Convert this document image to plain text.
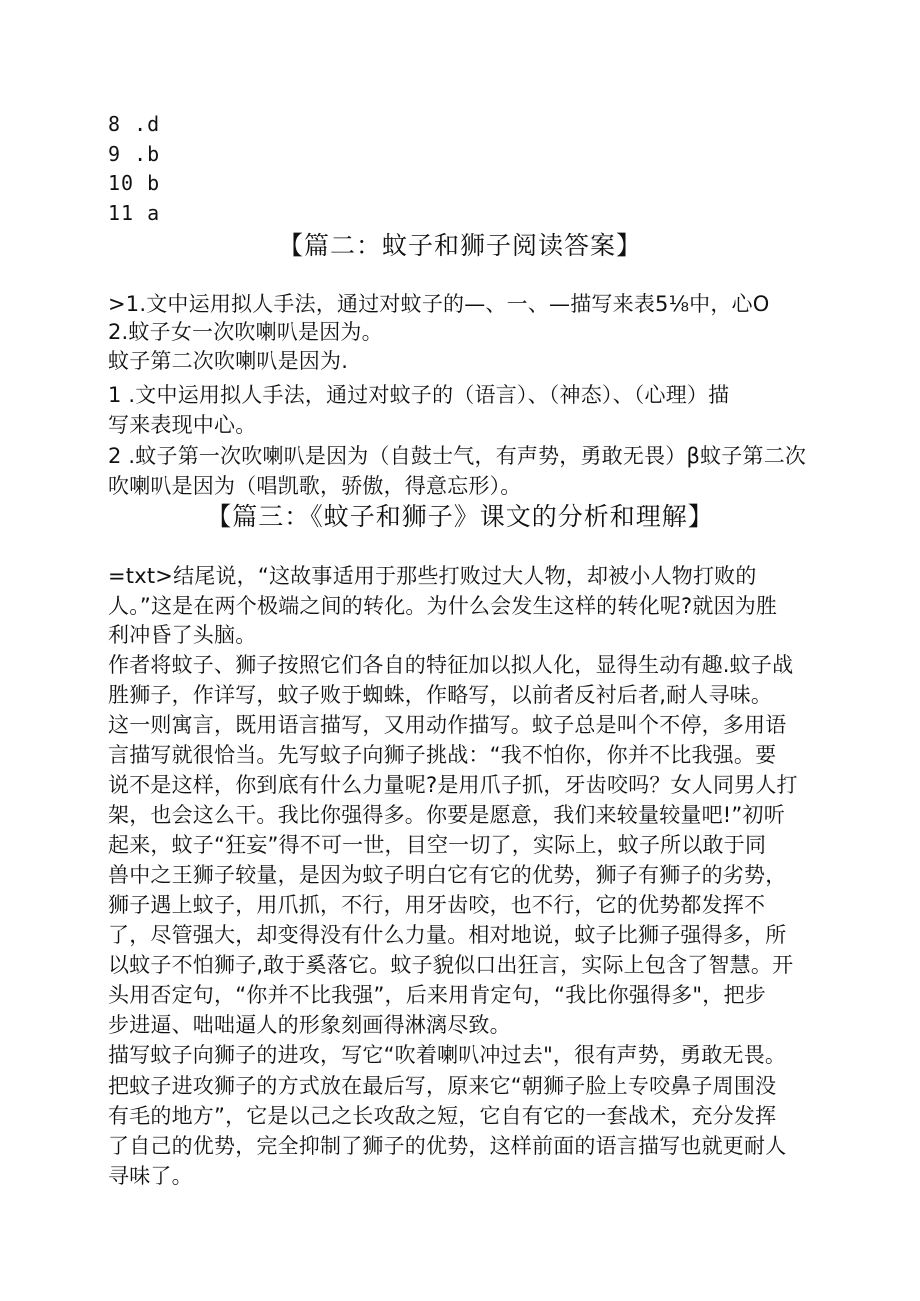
8 .d
9 .b
10 b
11 a
【篇二：蚊子和狮子阅读答案】
>1.文中运用拟人手法，通过对蚊子的—、一、—描写来表5⅛中，心O
2.蚊子女一次吹喇叭是因为。
蚊子第二次吹喇叭是因为.
1 .文中运用拟人手法，通过对蚊子的（语言）、（神态）、（心理）描
写来表现中心。
2 .蚊子第一次吹喇叭是因为（自鼓士气，有声势，勇敢无畏）β蚊子第二次
吹喇叭是因为（唱凯歌，骄傲，得意忘形）。
【篇三：《蚊子和狮子》课文的分析和理解】
=txt>结尾说，“这故事适用于那些打败过大人物，却被小人物打败的
人。”这是在两个极端之间的转化。为什么会发生这样的转化呢?就因为胜
利冲昏了头脑。
作者将蚊子、狮子按照它们各自的特征加以拟人化，显得生动有趣.蚊子战
胜狮子，作详写，蚊子败于蜘蛛，作略写，以前者反衬后者,耐人寻味。
这一则寓言，既用语言描写，又用动作描写。蚊子总是叫个不停，多用语
言描写就很恰当。先写蚊子向狮子挑战：“我不怕你，你并不比我强。要
说不是这样，你到底有什么力量呢?是用爪子抓，牙齿咬吗？女人同男人打
架，也会这么干。我比你强得多。你要是愿意，我们来较量较量吧!”初听
起来，蚊子“狂妄”得不可一世，目空一切了，实际上，蚊子所以敢于同
兽中之王狮子较量，是因为蚊子明白它有它的优势，狮子有狮子的劣势，
狮子遇上蚊子，用爪抓，不行，用牙齿咬，也不行，它的优势都发挥不
了，尽管强大，却变得没有什么力量。相对地说，蚊子比狮子强得多，所
以蚊子不怕狮子,敢于奚落它。蚊子貌似口出狂言，实际上包含了智慧。开
头用否定句，“你并不比我强”，后来用肯定句，“我比你强得多"，把步
步进逼、咄咄逼人的形象刻画得淋漓尽致。
描写蚊子向狮子的进攻，写它“吹着喇叭冲过去"，很有声势，勇敢无畏。
把蚊子进攻狮子的方式放在最后写，原来它“朝狮子脸上专咬鼻子周围没
有毛的地方”，它是以己之长攻敌之短，它自有它的一套战术，充分发挥
了自己的优势，完全抑制了狮子的优势，这样前面的语言描写也就更耐人
寻味了。
